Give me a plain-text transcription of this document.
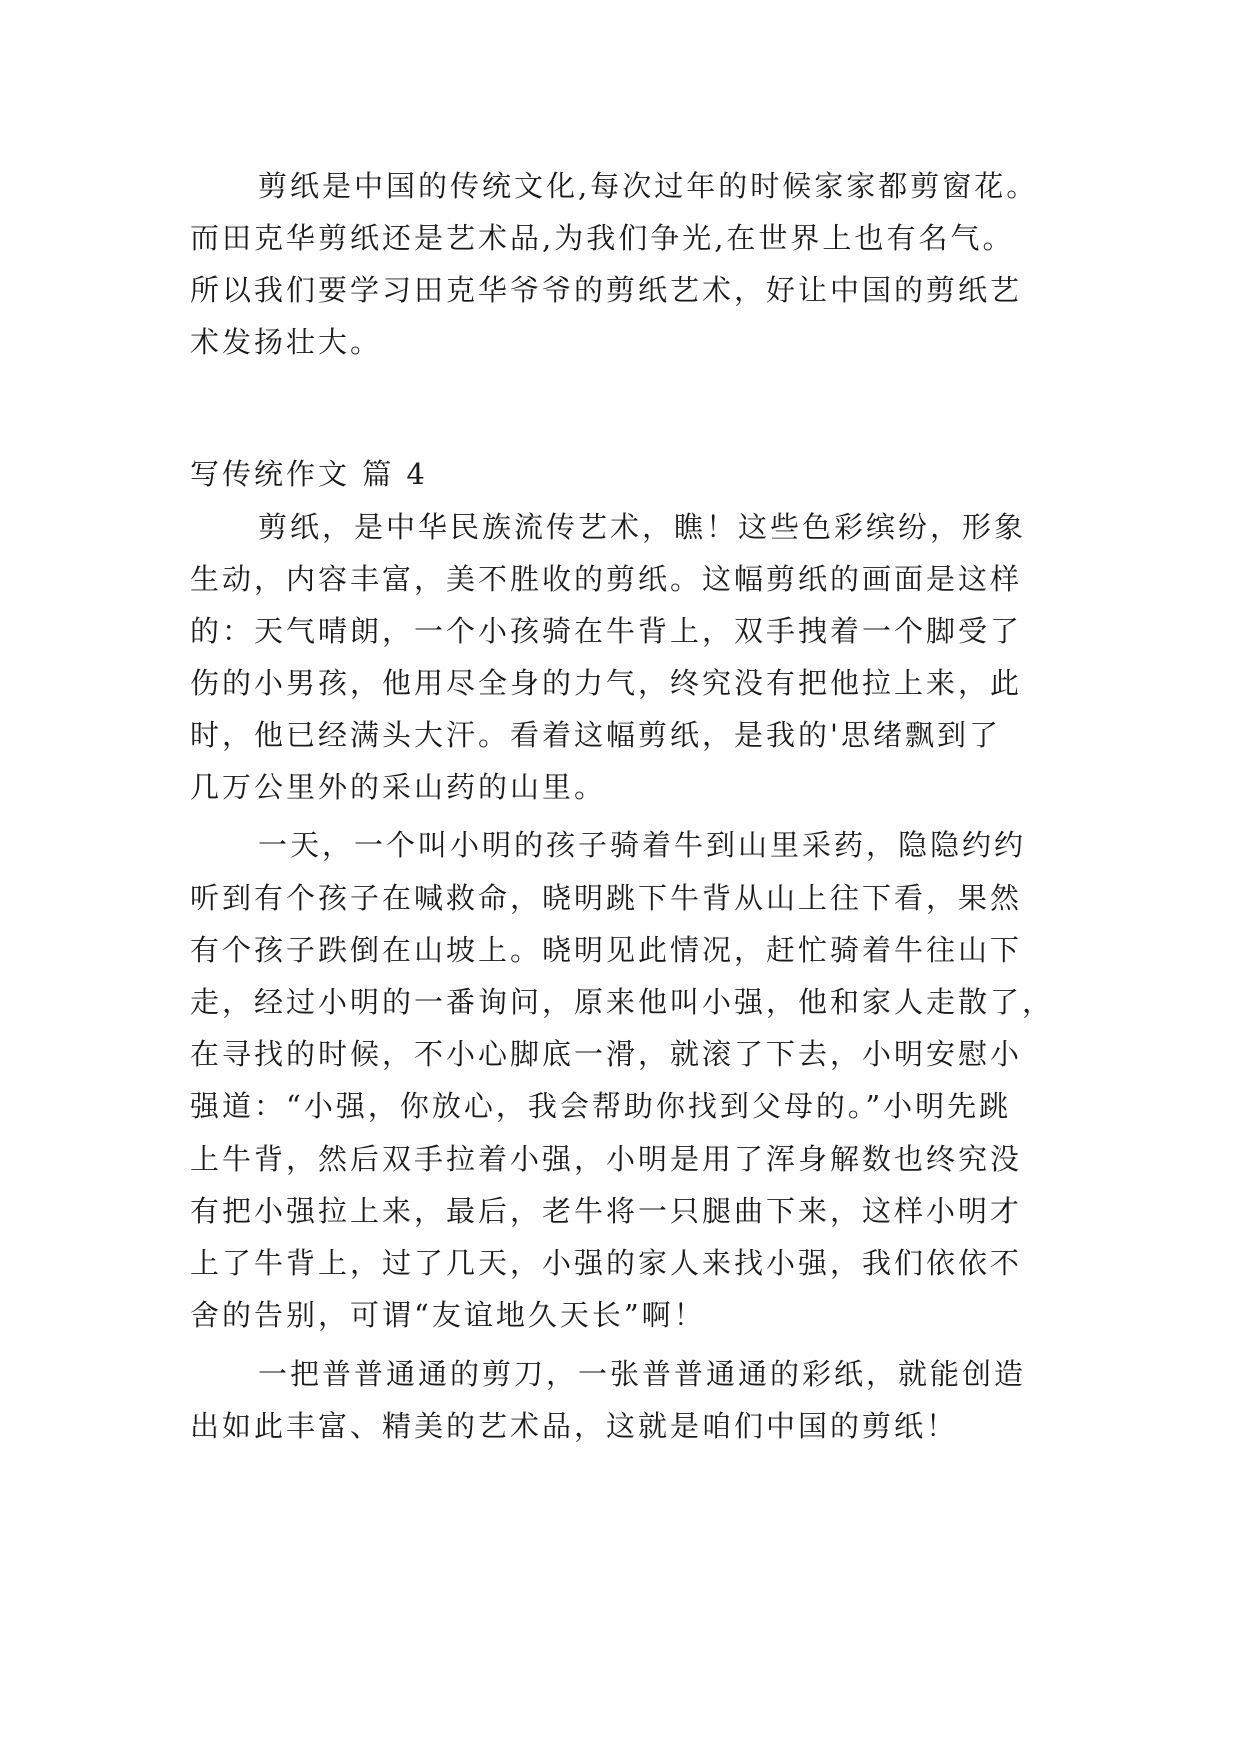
剪纸是中国的传统文化,每次过年的时候家家都剪窗花。
而田克华剪纸还是艺术品,为我们争光,在世界上也有名气。
所以我们要学习田克华爷爷的剪纸艺术，好让中国的剪纸艺
术发扬壮大。
写传统作文 篇 4
剪纸，是中华民族流传艺术，瞧！这些色彩缤纷，形象
生动，内容丰富，美不胜收的剪纸。这幅剪纸的画面是这样
的：天气晴朗，一个小孩骑在牛背上，双手拽着一个脚受了
伤的小男孩，他用尽全身的力气，终究没有把他拉上来，此
时，他已经满头大汗。看着这幅剪纸，是我的'思绪飘到了
几万公里外的采山药的山里。
一天，一个叫小明的孩子骑着牛到山里采药，隐隐约约
听到有个孩子在喊救命，晓明跳下牛背从山上往下看，果然
有个孩子跌倒在山坡上。晓明见此情况，赶忙骑着牛往山下
走，经过小明的一番询问，原来他叫小强，他和家人走散了，
在寻找的时候，不小心脚底一滑，就滚了下去，小明安慰小
强道：“小强，你放心，我会帮助你找到父母的。”小明先跳
上牛背，然后双手拉着小强，小明是用了浑身解数也终究没
有把小强拉上来，最后，老牛将一只腿曲下来，这样小明才
上了牛背上，过了几天，小强的家人来找小强，我们依依不
舍的告别，可谓“友谊地久天长”啊！
一把普普通通的剪刀，一张普普通通的彩纸，就能创造
出如此丰富、精美的艺术品，这就是咱们中国的剪纸！
